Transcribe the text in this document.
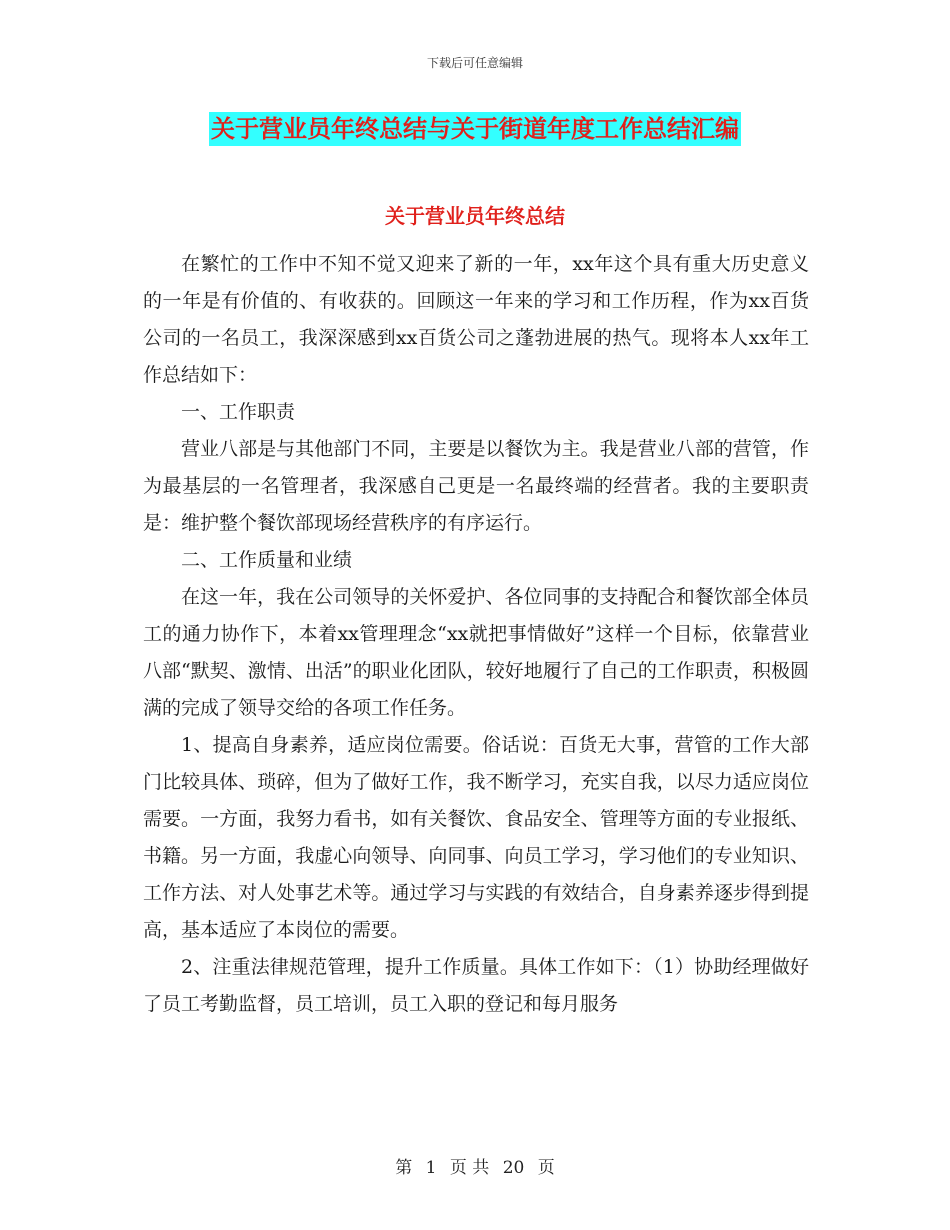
下载后可任意编辑
关于营业员年终总结与关于街道年度工作总结汇编
关于营业员年终总结

在繁忙的工作中不知不觉又迎来了新的一年，xx年这个具有重大历史意义的一年是有价值的、有收获的。回顾这一年来的学习和工作历程，作为xx百货公司的一名员工，我深深感到xx百货公司之蓬勃进展的热气。现将本人xx年工作总结如下：

一、工作职责

营业八部是与其他部门不同，主要是以餐饮为主。我是营业八部的营管，作为最基层的一名管理者，我深感自己更是一名最终端的经营者。我的主要职责是：维护整个餐饮部现场经营秩序的有序运行。

二、工作质量和业绩

在这一年，我在公司领导的关怀爱护、各位同事的支持配合和餐饮部全体员工的通力协作下，本着xx管理理念“xx就把事情做好”这样一个目标，依靠营业八部“默契、激情、出活”的职业化团队，较好地履行了自己的工作职责，积极圆满的完成了领导交给的各项工作任务。

1、提高自身素养，适应岗位需要。俗话说：百货无大事，营管的工作大部门比较具体、琐碎，但为了做好工作，我不断学习，充实自我，以尽力适应岗位需要。一方面，我努力看书，如有关餐饮、食品安全、管理等方面的专业报纸、书籍。另一方面，我虚心向领导、向同事、向员工学习，学习他们的专业知识、工作方法、对人处事艺术等。通过学习与实践的有效结合，自身素养逐步得到提高，基本适应了本岗位的需要。

2、注重法律规范管理，提升工作质量。具体工作如下：（1）协助经理做好了员工考勤监督，员工培训，员工入职的登记和每月服务

第 1 页 共 20 页
